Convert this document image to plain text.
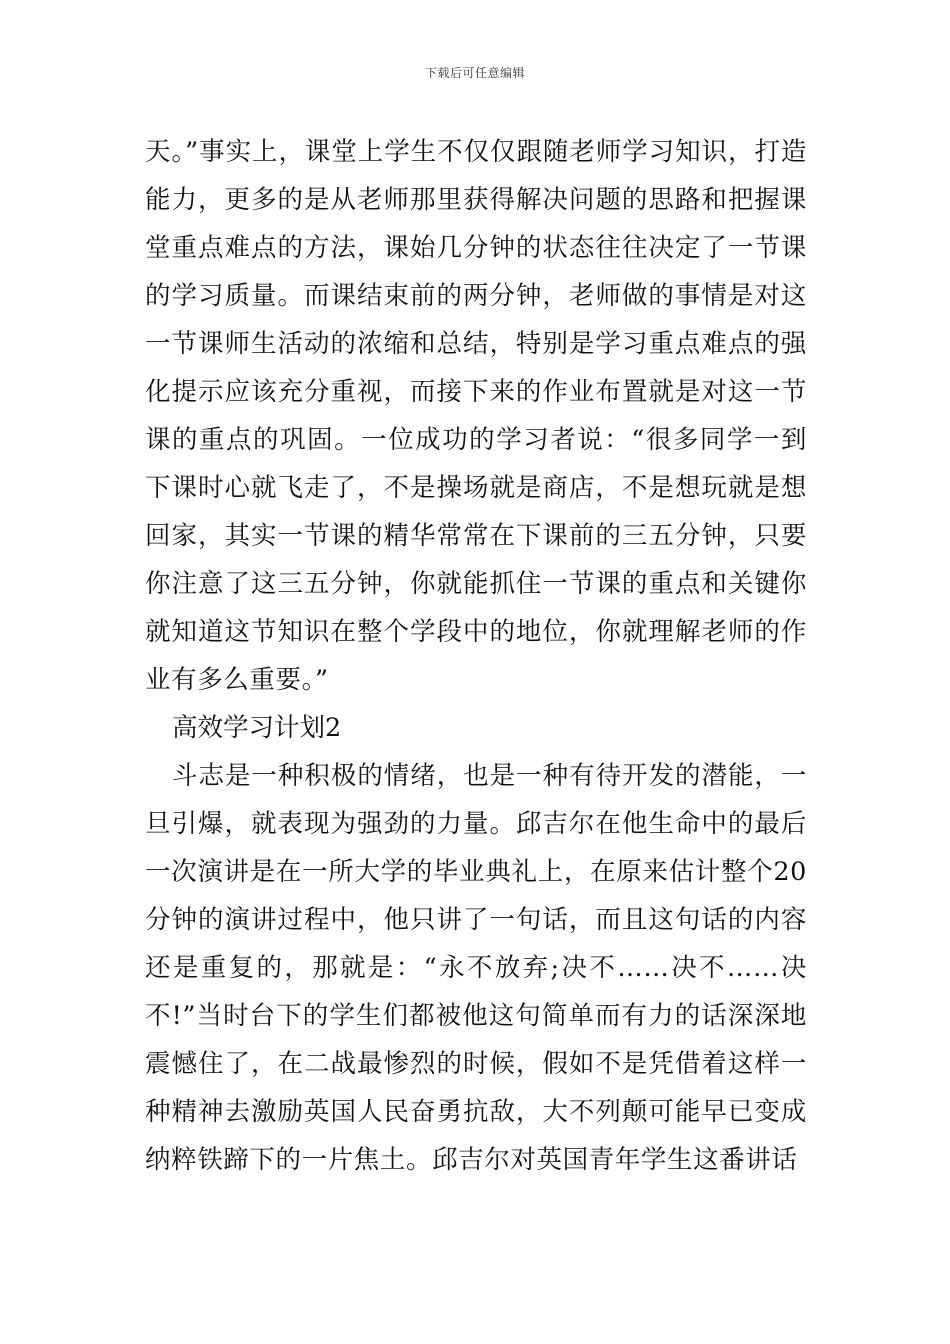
下载后可任意编辑

天。”事实上，课堂上学生不仅仅跟随老师学习知识，打造能力，更多的是从老师那里获得解决问题的思路和把握课堂重点难点的方法，课始几分钟的状态往往决定了一节课的学习质量。而课结束前的两分钟，老师做的事情是对这一节课师生活动的浓缩和总结，特别是学习重点难点的强化提示应该充分重视，而接下来的作业布置就是对这一节课的重点的巩固。一位成功的学习者说：“很多同学一到下课时心就飞走了，不是操场就是商店，不是想玩就是想回家，其实一节课的精华常常在下课前的三五分钟，只要你注意了这三五分钟，你就能抓住一节课的重点和关键你就知道这节知识在整个学段中的地位，你就理解老师的作业有多么重要。”

高效学习计划2

斗志是一种积极的情绪，也是一种有待开发的潜能，一旦引爆，就表现为强劲的力量。邱吉尔在他生命中的最后一次演讲是在一所大学的毕业典礼上，在原来估计整个20分钟的演讲过程中，他只讲了一句话，而且这句话的内容还是重复的，那就是：“永不放弃;决不……决不……决不!”当时台下的学生们都被他这句简单而有力的话深深地震憾住了，在二战最惨烈的时候，假如不是凭借着这样一种精神去激励英国人民奋勇抗敌，大不列颠可能早已变成纳粹铁蹄下的一片焦土。邱吉尔对英国青年学生这番讲话
